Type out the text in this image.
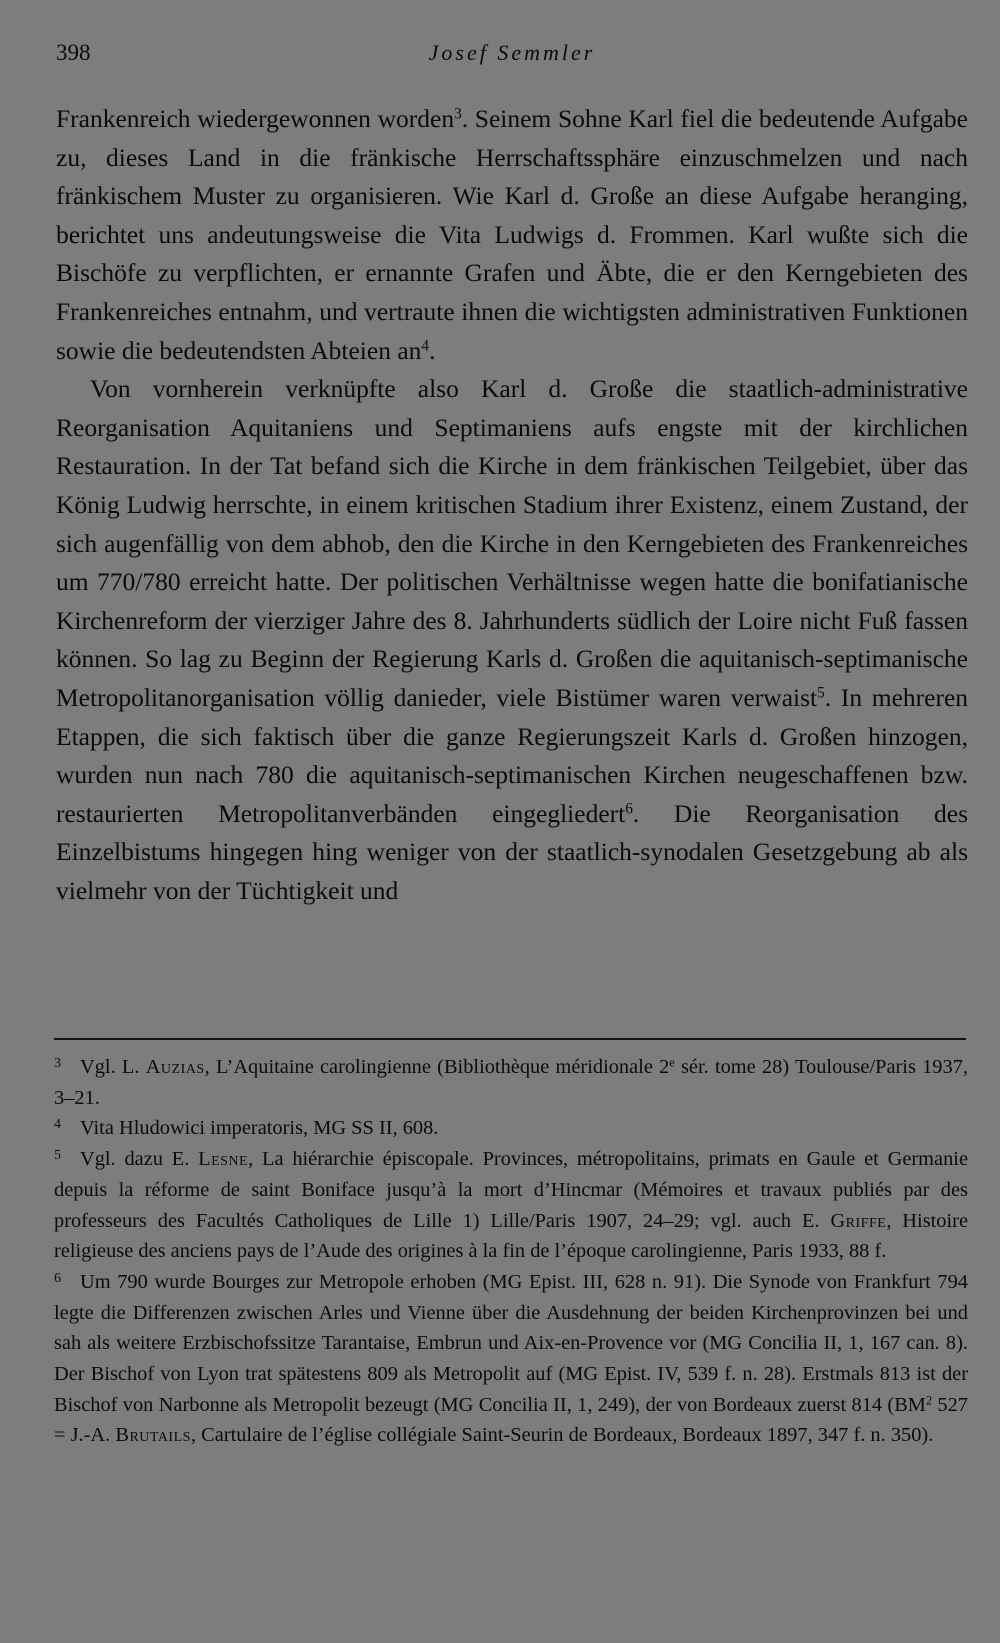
398	Josef Semmler

Frankenreich wiedergewonnen worden$^3$. Seinem Sohne Karl fiel die bedeutende Aufgabe zu, dieses Land in die fränkische Herrschaftssphäre einzuschmelzen und nach fränkischem Muster zu organisieren. Wie Karl d. Große an diese Aufgabe heranging, berichtet uns andeutungsweise die Vita Ludwigs d. Frommen. Karl wußte sich die Bischöfe zu verpflichten, er ernannte Grafen und Äbte, die er den Kerngebieten des Frankenreiches entnahm, und vertraute ihnen die wichtigsten administrativen Funktionen sowie die bedeutendsten Abteien $an^4$.

Von vornherein verknüpfte also Karl d. Große die staatlich-administrative Reorganisation Aquitaniens und Septimaniens aufs engste mit der kirchlichen Restauration. In der Tat befand sich die Kirche in dem fränkischen Teilgebiet, über das König Ludwig herrschte, in einem kritischen Stadium ihrer Existenz, einem Zustand, der sich augenfällig von dem abhob, den die Kirche in den Kerngebieten des Frankenreiches um 770/780 erreicht hatte. Der politischen Verhältnisse wegen hatte die bonifatianische Kirchenreform der vierziger Jahre des 8. Jahrhunderts südlich der Loire nicht Fuß fassen können. So lag zu Beginn der Regierung Karls d. Großen die aquitanisch-septimanische Metropolitanorganisation völlig danieder, viele Bistümer waren verwaist$^5$. In mehreren Etappen, die sich faktisch über die ganze Regierungszeit Karls d. Großen hinzogen, wurden nun nach 780 die aquitanisch-septimanischen Kirchen neugeschaffenen bzw. restaurierten Metropolitanverbänden eingegliedert$^6$. Die Reorganisation des Einzelbistums hingegen hing weniger von der staatlich-synodalen Gesetzgebung ab als vielmehr von der Tüchtigkeit und

3 Vgl. L. Auzias, L’Aquitaine carolingienne (Bibliothèque méridionale 2e sér. tome 28) Toulouse/Paris 1937, 3–21.

4 Vita Hludowici imperatoris, MG SS II, 608.

5 Vgl. dazu E. Lesne, La hiérarchie épiscopale. Provinces, métropolitains, primats en Gaule et Germanie depuis la réforme de saint Boniface jusqu’à la mort d’Hincmar (Mémoires et travaux publiés par des professeurs des Facultés Catholiques de Lille 1) Lille/Paris 1907, 24–29; vgl. auch E. Griffe, Histoire religieuse des anciens pays de l’Aude des origines à la fin de l’époque carolingienne, Paris 1933, 88 f.

6 Um 790 wurde Bourges zur Metropole erhoben (MG Epist. III, 628 n. 91). Die Synode von Frankfurt 794 legte die Differenzen zwischen Arles und Vienne über die Ausdehnung der beiden Kirchenprovinzen bei und sah als weitere Erzbischofssitze Tarantaise, Embrun und Aix-en-Provence vor (MG Concilia II, 1, 167 can. 8). Der Bischof von Lyon trat spätestens 809 als Metropolit auf (MG Epist. IV, 539 f. n. 28). Erstmals 813 ist der Bischof von Narbonne als Metropolit bezeugt (MG Concilia II, 1, 249), der von Bordeaux zuerst 814 ($BM^2$ 527 = J.-A. Brutails, Cartulaire de l’église collégiale Saint-Seurin de Bordeaux, Bordeaux 1897, 347 f. n. 350).
